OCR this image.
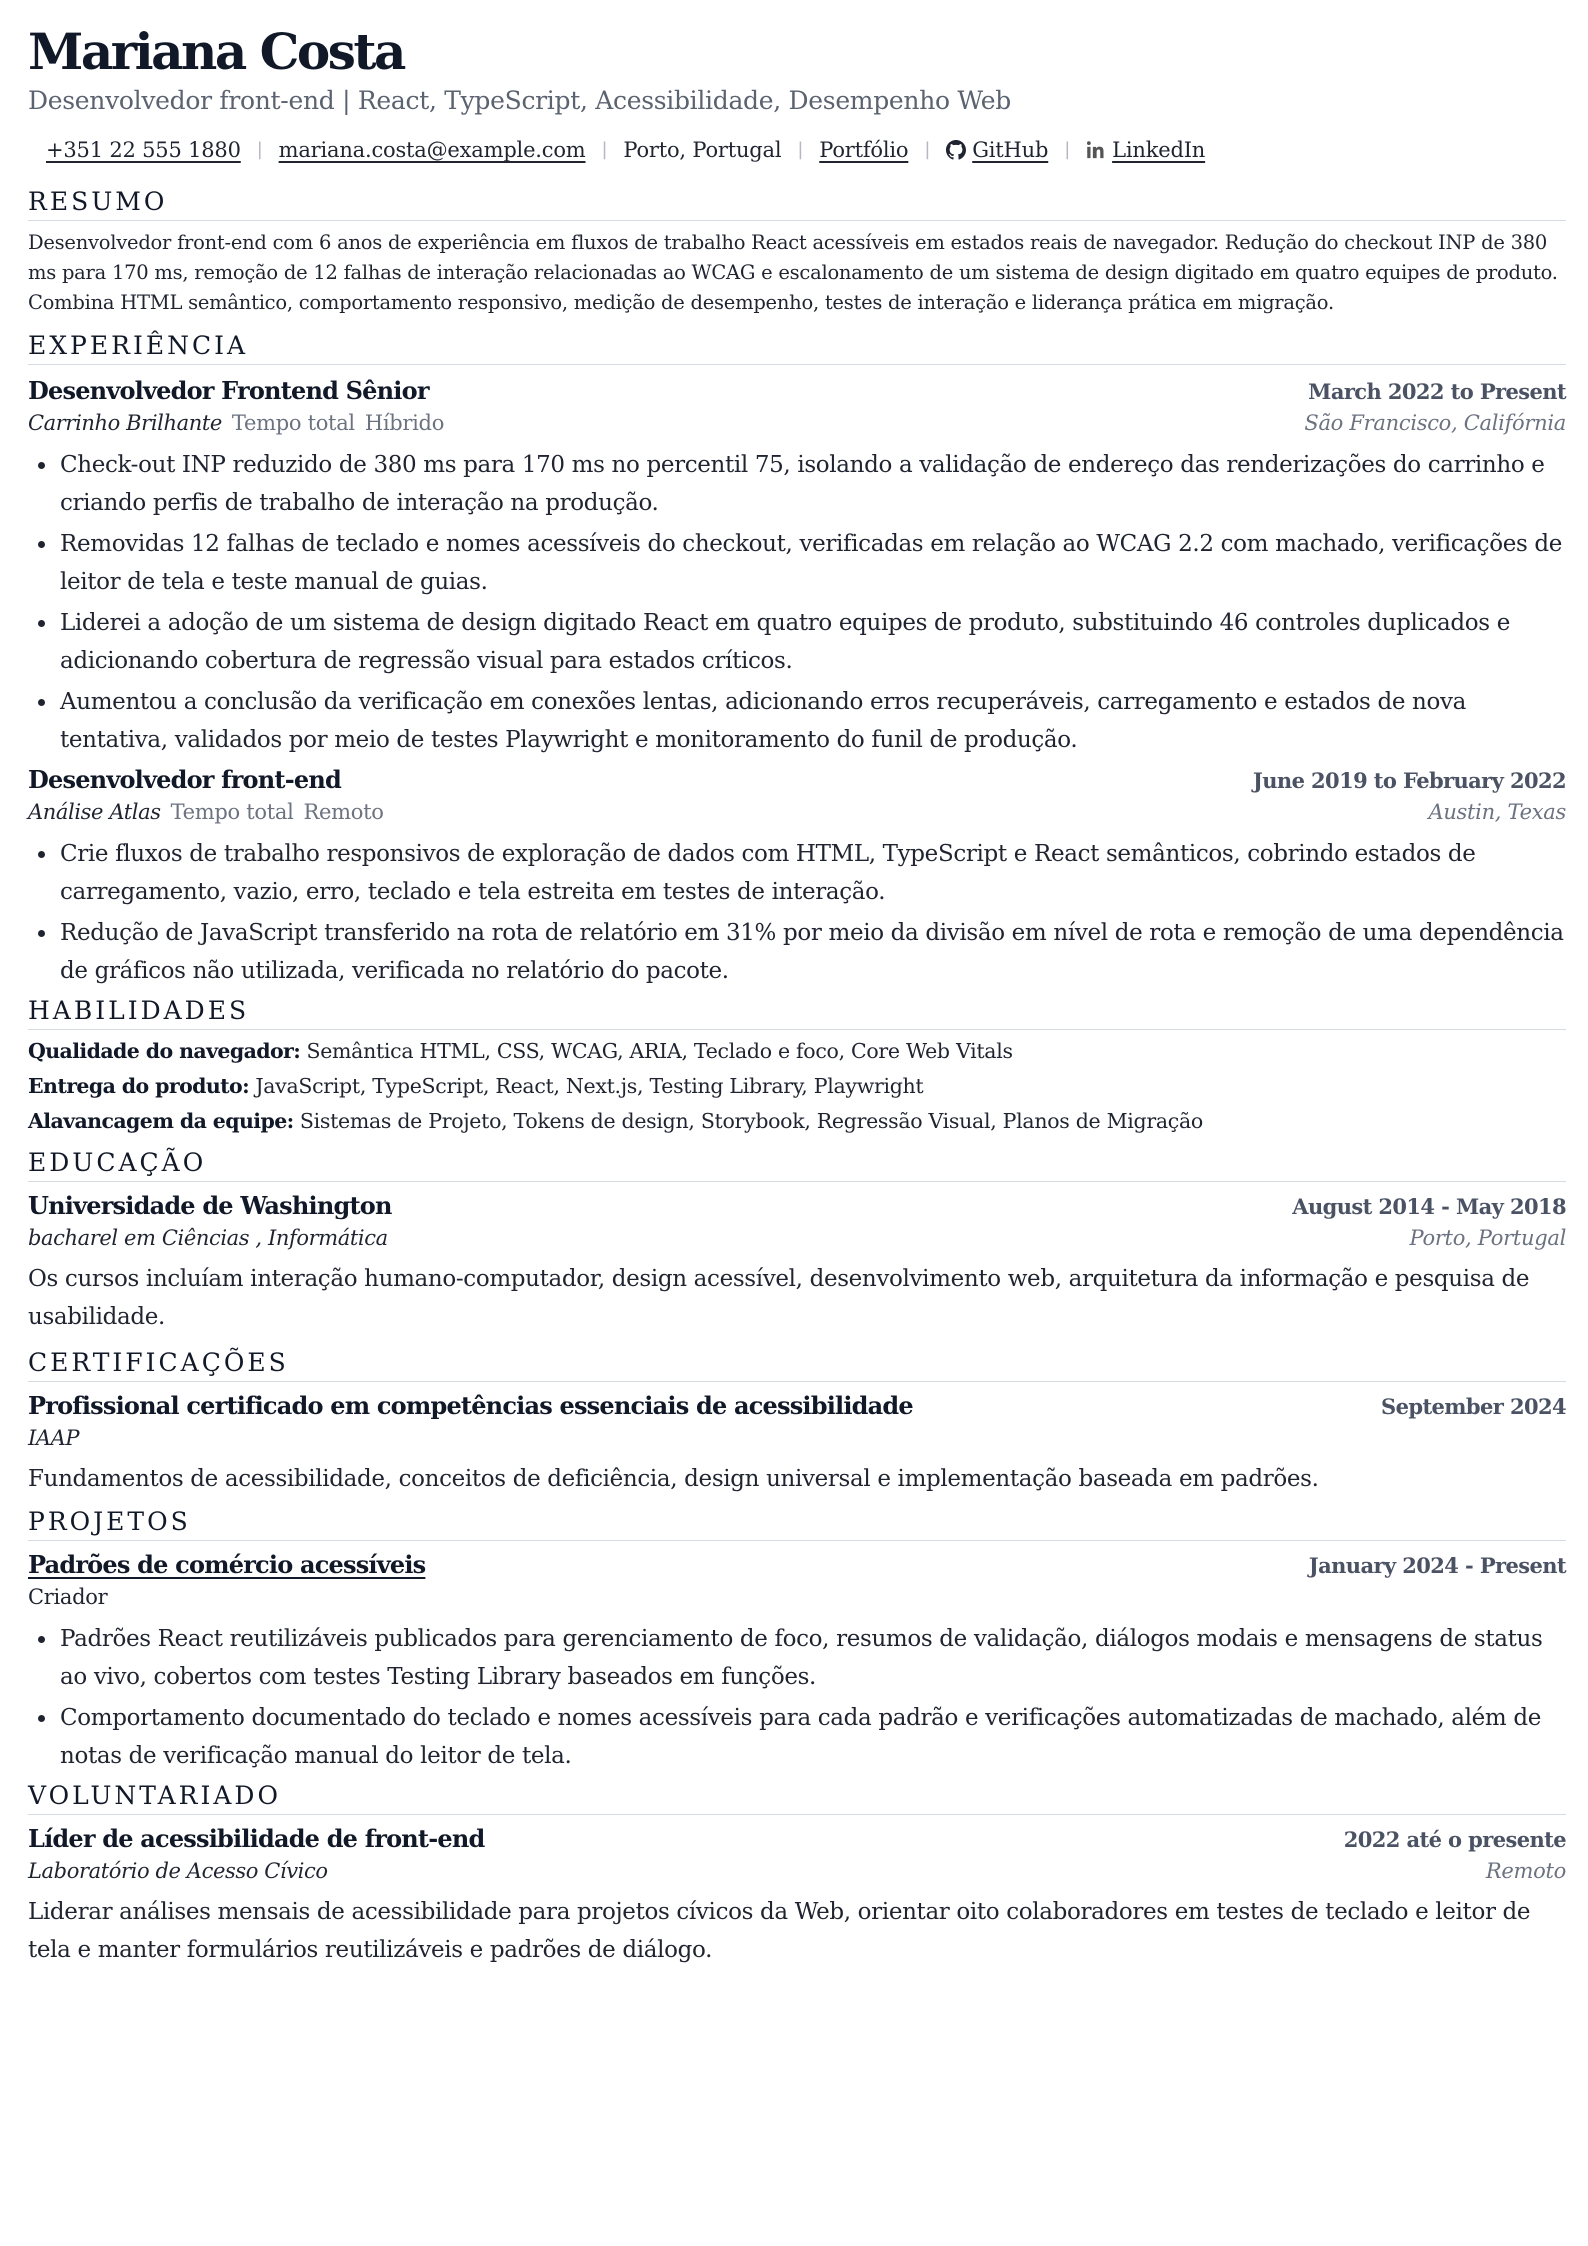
Mariana Costa
Desenvolvedor front-end | React, TypeScript, Acessibilidade, Desempenho Web
+351 22 555 1880 | mariana.costa@example.com | Porto, Portugal | Portfólio | GitHub | LinkedIn
RESUMO
Desenvolvedor front-end com 6 anos de experiência em fluxos de trabalho React acessíveis em estados reais de navegador. Redução do checkout INP de 380 ms para 170 ms, remoção de 12 falhas de interação relacionadas ao WCAG e escalonamento de um sistema de design digitado em quatro equipes de produto. Combina HTML semântico, comportamento responsivo, medição de desempenho, testes de interação e liderança prática em migração.
EXPERIÊNCIA
Desenvolvedor Frontend Sênior	March 2022 to Present
Carrinho Brilhante Tempo total Híbrido	São Francisco, Califórnia
• Check-out INP reduzido de 380 ms para 170 ms no percentil 75, isolando a validação de endereço das renderizações do carrinho e criando perfis de trabalho de interação na produção.
• Removidas 12 falhas de teclado e nomes acessíveis do checkout, verificadas em relação ao WCAG 2.2 com machado, verificações de leitor de tela e teste manual de guias.
• Liderei a adoção de um sistema de design digitado React em quatro equipes de produto, substituindo 46 controles duplicados e adicionando cobertura de regressão visual para estados críticos.
• Aumentou a conclusão da verificação em conexões lentas, adicionando erros recuperáveis, carregamento e estados de nova tentativa, validados por meio de testes Playwright e monitoramento do funil de produção.
Desenvolvedor front-end	June 2019 to February 2022
Análise Atlas Tempo total Remoto	Austin, Texas
• Crie fluxos de trabalho responsivos de exploração de dados com HTML, TypeScript e React semânticos, cobrindo estados de carregamento, vazio, erro, teclado e tela estreita em testes de interação.
• Redução de JavaScript transferido na rota de relatório em 31% por meio da divisão em nível de rota e remoção de uma dependência de gráficos não utilizada, verificada no relatório do pacote.
HABILIDADES
Qualidade do navegador: Semântica HTML, CSS, WCAG, ARIA, Teclado e foco, Core Web Vitals
Entrega do produto: JavaScript, TypeScript, React, Next.js, Testing Library, Playwright
Alavancagem da equipe: Sistemas de Projeto, Tokens de design, Storybook, Regressão Visual, Planos de Migração
EDUCAÇÃO
Universidade de Washington	August 2014 - May 2018
bacharel em Ciências , Informática	Porto, Portugal
Os cursos incluíam interação humano-computador, design acessível, desenvolvimento web, arquitetura da informação e pesquisa de usabilidade.
CERTIFICAÇÕES
Profissional certificado em competências essenciais de acessibilidade	September 2024
IAAP
Fundamentos de acessibilidade, conceitos de deficiência, design universal e implementação baseada em padrões.
PROJETOS
Padrões de comércio acessíveis	January 2024 - Present
Criador
• Padrões React reutilizáveis publicados para gerenciamento de foco, resumos de validação, diálogos modais e mensagens de status ao vivo, cobertos com testes Testing Library baseados em funções.
• Comportamento documentado do teclado e nomes acessíveis para cada padrão e verificações automatizadas de machado, além de notas de verificação manual do leitor de tela.
VOLUNTARIADO
Líder de acessibilidade de front-end	2022 até o presente
Laboratório de Acesso Cívico	Remoto
Liderar análises mensais de acessibilidade para projetos cívicos da Web, orientar oito colaboradores em testes de teclado e leitor de tela e manter formulários reutilizáveis e padrões de diálogo.
